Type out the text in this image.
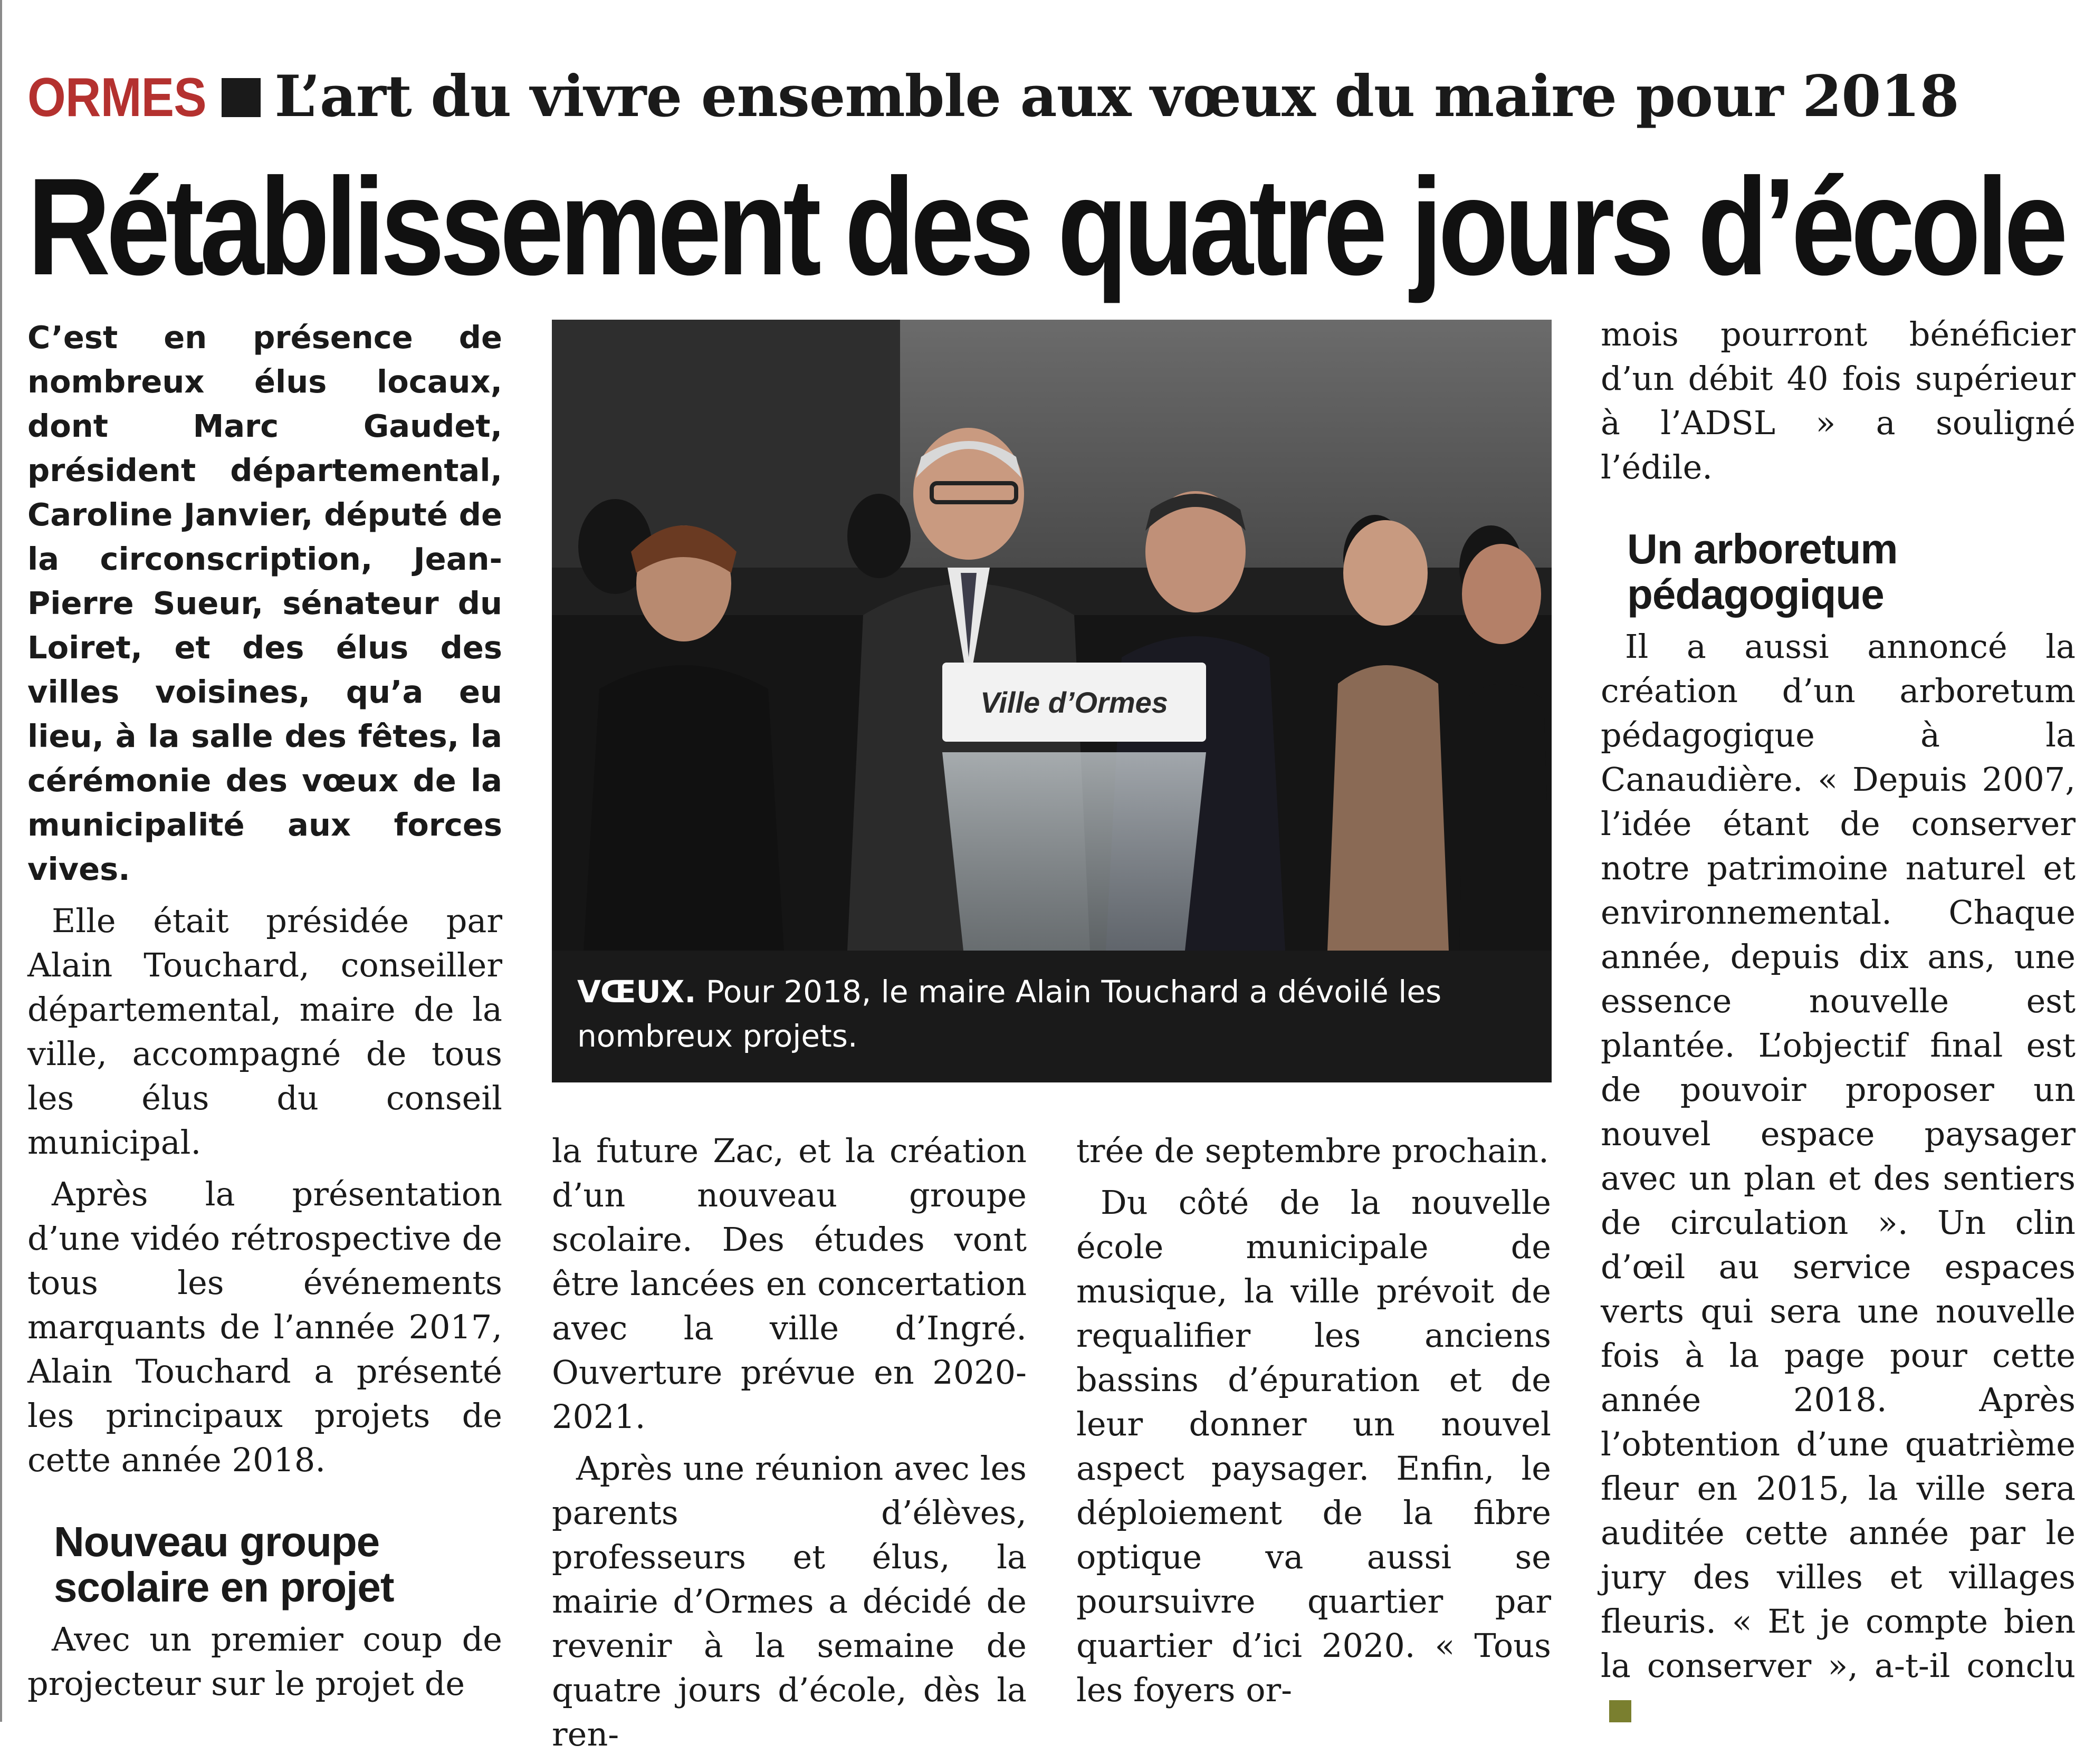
ORMES L’art du vivre ensemble aux vœux du maire pour 2018
Rétablissement des quatre jours d’école

C’est en présence de nombreux élus locaux, dont Marc Gaudet, président départemental, Caroline Janvier, député de la circonscription, Jean-Pierre Sueur, sénateur du Loiret, et des élus des villes voisines, qu’a eu lieu, à la salle des fêtes, la cérémonie des vœux de la municipalité aux forces vives.

Elle était présidée par Alain Touchard, conseiller départemental, maire de la ville, accompagné de tous les élus du conseil municipal.

Après la présentation d’une vidéo rétrospective de tous les événements marquants de l’année 2017, Alain Touchard a présenté les principaux projets de cette année 2018.

Nouveau groupe scolaire en projet

Avec un premier coup de projecteur sur le projet de

Ville d’Ormes
VŒUX. Pour 2018, le maire Alain Touchard a dévoilé les nombreux projets.

la future Zac, et la création d’un nouveau groupe scolaire. Des études vont être lancées en concertation avec la ville d’Ingré. Ouverture prévue en 2020-2021.

Après une réunion avec les parents d’élèves, professeurs et élus, la mairie d’Ormes a décidé de revenir à la semaine de quatre jours d’école, dès la ren-

trée de septembre prochain.

Du côté de la nouvelle école municipale de musique, la ville prévoit de requalifier les anciens bassins d’épuration et de leur donner un nouvel aspect paysager. Enfin, le déploiement de la fibre optique va aussi se poursuivre quartier par quartier d’ici 2020. « Tous les foyers or-

mois pourront bénéficier d’un débit 40 fois supérieur à l’ADSL » a souligné l’édile.

Un arboretum pédagogique

Il a aussi annoncé la création d’un arboretum pédagogique à la Canaudière. « Depuis 2007, l’idée étant de conserver notre patrimoine naturel et environnemental. Chaque année, depuis dix ans, une essence nouvelle est plantée. L’objectif final est de pouvoir proposer un nouvel espace paysager avec un plan et des sentiers de circulation ». Un clin d’œil au service espaces verts qui sera une nouvelle fois à la page pour cette année 2018. Après l’obtention d’une quatrième fleur en 2015, la ville sera auditée cette année par le jury des villes et villages fleuris. « Et je compte bien la conserver », a-t-il conclu
